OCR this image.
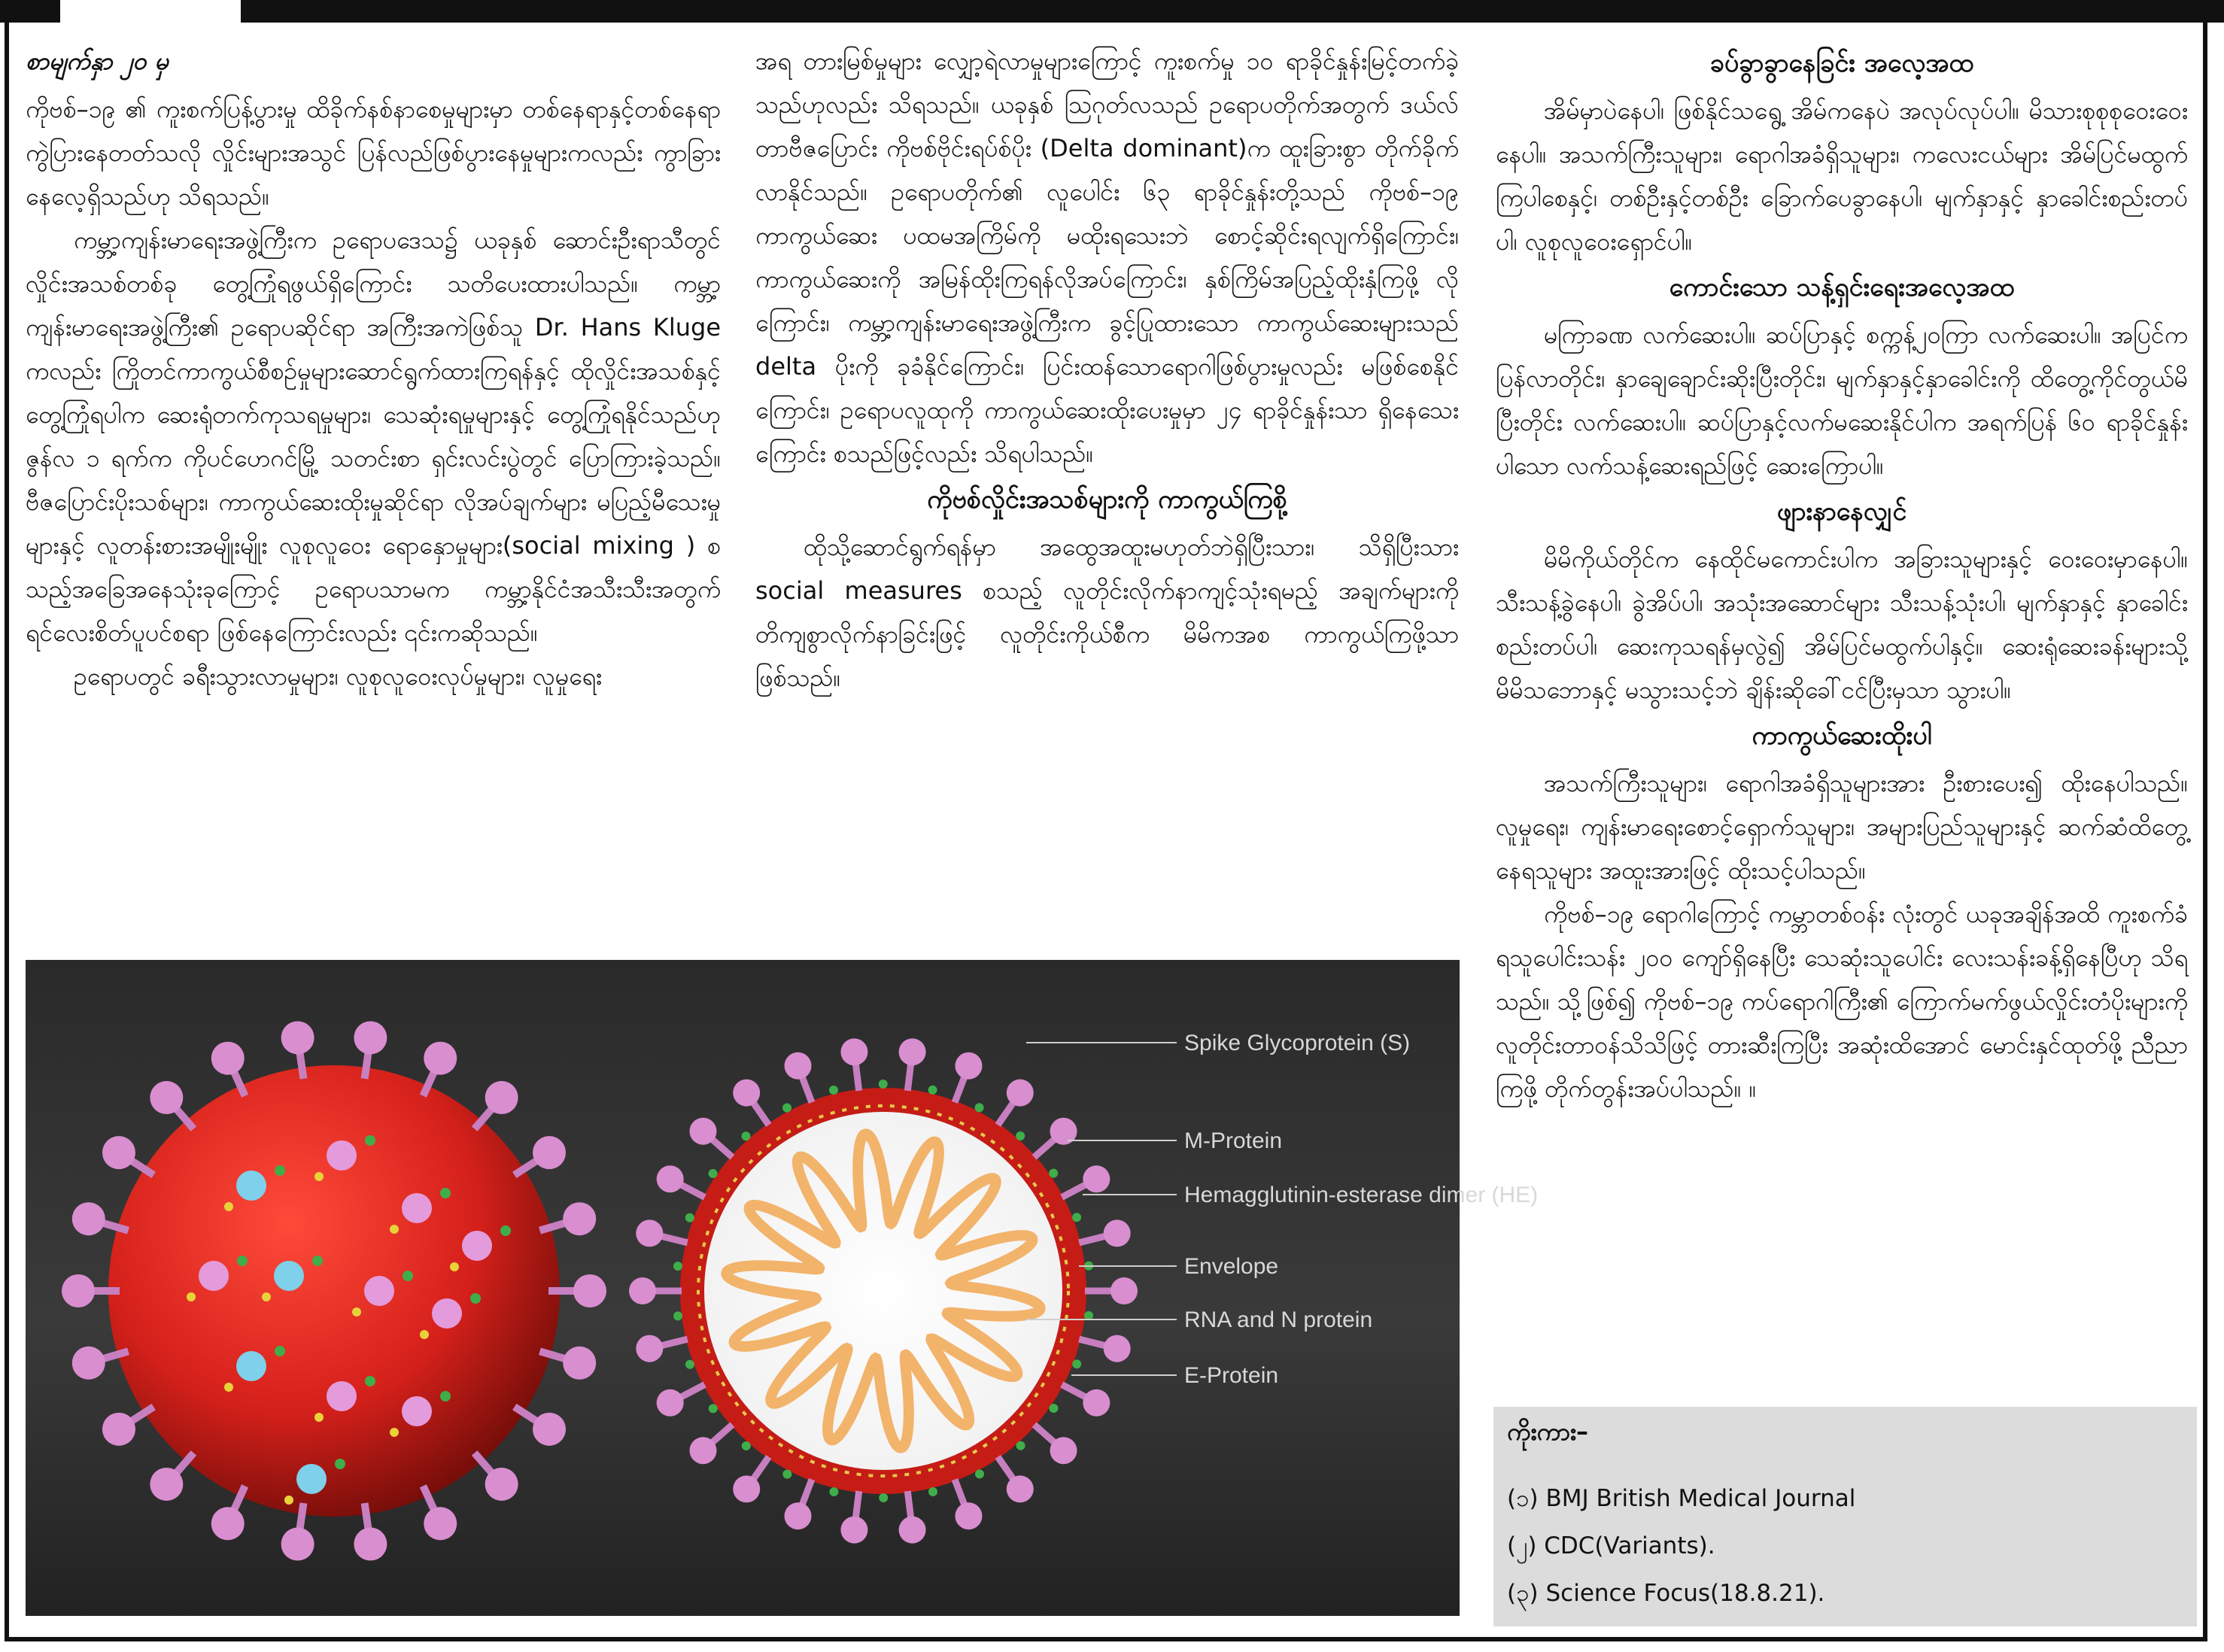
စာမျက်နှာ ၂၀ မှ

ကိုဗစ်–၁၉ ၏ ကူးစက်ပြန့်ပွားမှု ထိခိုက်နစ်နာစေမှုများမှာ တစ်နေရာနှင့်တစ်နေရာ ကွဲပြားနေတတ်သလို လှိုင်းများအသွင် ပြန်လည်ဖြစ်ပွားနေမှုများကလည်း ကွာခြားနေလေ့ရှိသည်ဟု သိရသည်။

ကမ္ဘာ့ကျန်းမာရေးအဖွဲ့ကြီးက ဥရောပဒေသ၌ ယခုနှစ် ဆောင်းဦးရာသီတွင် လှိုင်းအသစ်တစ်ခု တွေ့ကြုံရဖွယ်ရှိကြောင်း သတိပေးထားပါသည်။ ကမ္ဘာ့ကျန်းမာရေးအဖွဲ့ကြီး၏ ဥရောပဆိုင်ရာ အကြီးအကဲဖြစ်သူ Dr. Hans Kluge ကလည်း ကြိုတင်ကာကွယ်စီစဉ်မှုများဆောင်ရွက်ထားကြရန်နှင့် ထိုလှိုင်းအသစ်နှင့် တွေ့ကြုံရပါက ဆေးရုံတက်ကုသရမှုများ၊ သေဆုံးရမှုများနှင့် တွေ့ကြုံရနိုင်သည်ဟု ဇွန်လ ၁ ရက်က ကိုပင်ဟေဂင်မြို့ သတင်းစာ ရှင်းလင်းပွဲတွင် ပြောကြားခဲ့သည်။ ဗီဇပြောင်းပိုးသစ်များ၊ ကာကွယ်ဆေးထိုးမှုဆိုင်ရာ လိုအပ်ချက်များ မပြည့်မီသေးမှုများနှင့် လူတန်းစားအမျိုးမျိုး လူစုလူဝေး ရောနှောမှုများ(social mixing ) စသည့်အခြေအနေသုံးခုကြောင့် ဥရောပသာမက ကမ္ဘာ့နိုင်ငံအသီးသီးအတွက် ရင်လေးစိတ်ပူပင်စရာ ဖြစ်နေကြောင်းလည်း ၎င်းကဆိုသည်။

ဥရောပတွင် ခရီးသွားလာမှုများ၊ လူစုလူဝေးလုပ်မှုများ၊ လူမှုရေး

အရ တားမြစ်မှုများ လျှော့ရဲလာမှုများကြောင့် ကူးစက်မှု ၁၀ ရာခိုင်နှုန်းမြင့်တက်ခဲ့သည်ဟုလည်း သိရသည်။ ယခုနှစ် ဩဂုတ်လသည် ဥရောပတိုက်အတွက် ဒယ်လ်တာဗီဇပြောင်း ကိုဗစ်ဗိုင်းရပ်စ်ပိုး (Delta dominant)က ထူးခြားစွာ တိုက်ခိုက်လာနိုင်သည်။ ဥရောပတိုက်၏ လူပေါင်း ၆၃ ရာခိုင်နှုန်းတို့သည် ကိုဗစ်–၁၉ ကာကွယ်ဆေး ပထမအကြိမ်ကို မထိုးရသေးဘဲ စောင့်ဆိုင်းရလျက်ရှိကြောင်း၊ ကာကွယ်ဆေးကို အမြန်ထိုးကြရန်လိုအပ်ကြောင်း၊ နှစ်ကြိမ်အပြည့်ထိုးနှံကြဖို့ လိုကြောင်း၊ ကမ္ဘာ့ကျန်းမာရေးအဖွဲ့ကြီးက ခွင့်ပြုထားသော ကာကွယ်ဆေးများသည် delta ပိုးကို ခုခံနိုင်ကြောင်း၊ ပြင်းထန်သောရောဂါဖြစ်ပွားမှုလည်း မဖြစ်စေနိုင်ကြောင်း၊ ဥရောပလူထုကို ကာကွယ်ဆေးထိုးပေးမှုမှာ ၂၄ ရာခိုင်နှုန်းသာ ရှိနေသေးကြောင်း စသည်ဖြင့်လည်း သိရပါသည်။

ကိုဗစ်လှိုင်းအသစ်များကို ကာကွယ်ကြစို့

ထိုသို့ဆောင်ရွက်ရန်မှာ အထွေအထူးမဟုတ်ဘဲရှိပြီးသား၊ သိရှိပြီးသား social measures စသည့် လူတိုင်းလိုက်နာကျင့်သုံးရမည့် အချက်များကို တိကျစွာလိုက်နာခြင်းဖြင့် လူတိုင်းကိုယ်စီက မိမိကအစ ကာကွယ်ကြဖို့သာ ဖြစ်သည်။

ခပ်ခွာခွာနေခြင်း အလေ့အထ

အိမ်မှာပဲနေပါ၊ ဖြစ်နိုင်သရွေ့ အိမ်ကနေပဲ အလုပ်လုပ်ပါ။ မိသားစုစုစုဝေးဝေးနေပါ။ အသက်ကြီးသူများ၊ ရောဂါအခံရှိသူများ၊ ကလေးငယ်များ အိမ်ပြင်မထွက်ကြပါစေနှင့်၊ တစ်ဦးနှင့်တစ်ဦး ခြောက်ပေခွာနေပါ၊ မျက်နှာနှင့် နှာခေါင်းစည်းတပ်ပါ၊ လူစုလူဝေးရှောင်ပါ။

ကောင်းသော သန့်ရှင်းရေးအလေ့အထ

မကြာခဏ လက်ဆေးပါ။ ဆပ်ပြာနှင့် စက္ကန့်၂၀ကြာ လက်ဆေးပါ။ အပြင်ကပြန်လာတိုင်း၊ နှာချေချောင်းဆိုးပြီးတိုင်း၊ မျက်နှာနှင့်နှာခေါင်းကို ထိတွေ့ကိုင်တွယ်မိပြီးတိုင်း လက်ဆေးပါ။ ဆပ်ပြာနှင့်လက်မဆေးနိုင်ပါက အရက်ပြန် ၆၀ ရာခိုင်နှုန်းပါသော လက်သန့်ဆေးရည်ဖြင့် ဆေးကြောပါ။

ဖျားနာနေလျှင်

မိမိကိုယ်တိုင်က နေထိုင်မကောင်းပါက အခြားသူများနှင့် ဝေးဝေးမှာနေပါ။ သီးသန့်ခွဲနေပါ၊ ခွဲအိပ်ပါ၊ အသုံးအဆောင်များ သီးသန့်သုံးပါ၊ မျက်နှာနှင့် နှာခေါင်းစည်းတပ်ပါ၊ ဆေးကုသရန်မှလွဲ၍ အိမ်ပြင်မထွက်ပါနှင့်။ ဆေးရုံဆေးခန်းများသို့ မိမိသဘောနှင့် မသွားသင့်ဘဲ ချိန်းဆိုခေါ်ငင်ပြီးမှသာ သွားပါ။

ကာကွယ်ဆေးထိုးပါ

အသက်ကြီးသူများ၊ ရောဂါအခံရှိသူများအား ဦးစားပေး၍ ထိုးနေပါသည်။ လူမှုရေး၊ ကျန်းမာရေးစောင့်ရှောက်သူများ၊ အများပြည်သူများနှင့် ဆက်ဆံထိတွေ့နေရသူများ အထူးအားဖြင့် ထိုးသင့်ပါသည်။

ကိုဗစ်–၁၉ ရောဂါကြောင့် ကမ္ဘာတစ်ဝန်း လုံးတွင် ယခုအချိန်အထိ ကူးစက်ခံရသူပေါင်းသန်း ၂၀၀ ကျော်ရှိနေပြီး သေဆုံးသူပေါင်း လေးသန်းခန့်ရှိနေပြီဟု သိရသည်။ သို့ဖြစ်၍ ကိုဗစ်–၁၉ ကပ်ရောဂါကြီး၏ ကြောက်မက်ဖွယ်လှိုင်းတံပိုးများကို လူတိုင်းတာဝန်သိသိဖြင့် တားဆီးကြပြီး အဆုံးထိအောင် မောင်းနှင်ထုတ်ဖို့ ညီညာကြဖို့ တိုက်တွန်းအပ်ပါသည်။ ။

Spike Glycoprotein (S)
M-Protein
Hemagglutinin-esterase dimer (HE)
Envelope
RNA and N protein
E-Protein
ကိုးကား–
(၁) BMJ British Medical Journal
(၂) CDC(Variants).
(၃) Science Focus(18.8.21).
